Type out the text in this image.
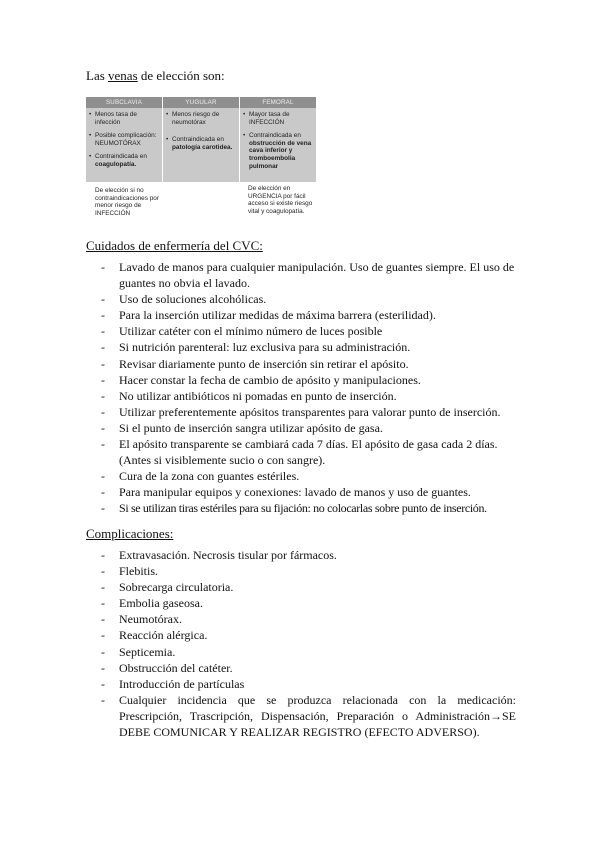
Las venas de elección son:
SUBCLAVIA	YUGULAR	FEMORAL
• Menos tasa de infección
• Posible complicación: NEUMOTÓRAX
• Contraindicada en coagulopatía.
De elección si no contraindicaciones por menor riesgo de INFECCIÓN
• Menos riesgo de neumotórax
• Contraindicada en patología carotidea.
• Mayor tasa de INFECCIÓN
• Contraindicada en obstrucción de vena cava inferior y tromboembolia pulmonar
De elección en URGENCIA por fácil acceso si existe riesgo vital y coagulopatía.
Cuidados de enfermería del CVC:
- Lavado de manos para cualquier manipulación. Uso de guantes siempre. El uso de guantes no obvia el lavado.
- Uso de soluciones alcohólicas.
- Para la inserción utilizar medidas de máxima barrera (esterilidad).
- Utilizar catéter con el mínimo número de luces posible
- Si nutrición parenteral: luz exclusiva para su administración.
- Revisar diariamente punto de inserción sin retirar el apósito.
- Hacer constar la fecha de cambio de apósito y manipulaciones.
- No utilizar antibióticos ni pomadas en punto de inserción.
- Utilizar preferentemente apósitos transparentes para valorar punto de inserción.
- Si el punto de inserción sangra utilizar apósito de gasa.
- El apósito transparente se cambiará cada 7 días. El apósito de gasa cada 2 días. (Antes si visiblemente sucio o con sangre).
- Cura de la zona con guantes estériles.
- Para manipular equipos y conexiones: lavado de manos y uso de guantes.
- Si se utilizan tiras estériles para su fijación: no colocarlas sobre punto de inserción.
Complicaciones:
- Extravasación. Necrosis tisular por fármacos.
- Flebitis.
- Sobrecarga circulatoria.
- Embolia gaseosa.
- Neumotórax.
- Reacción alérgica.
- Septicemia.
- Obstrucción del catéter.
- Introducción de partículas
- Cualquier incidencia que se produzca relacionada con la medicación: Prescripción, Trascripción, Dispensación, Preparación o Administración→SE DEBE COMUNICAR Y REALIZAR REGISTRO (EFECTO ADVERSO).
